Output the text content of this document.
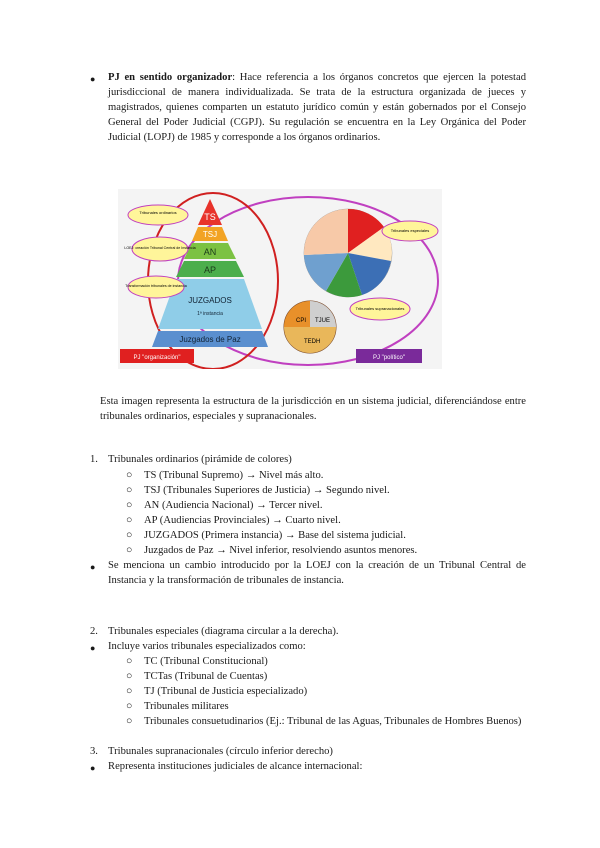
● PJ en sentido organizador: Hace referencia a los órganos concretos que ejercen la potestad jurisdiccional de manera individualizada. Se trata de la estructura organizada de jueces y magistrados, quienes comparten un estatuto jurídico común y están gobernados por el Consejo General del Poder Judicial (CGPJ). Su regulación se encuentra en la Ley Orgánica del Poder Judicial (LOPJ) de 1985 y corresponde a los órganos ordinarios.

TS
TSJ
AN
AP
JUZGADOS
1ª instancia
Juzgados de Paz
Tribunales ordinarios
LOEJ: creación Tribunal Central de Instancia
Transformación tribunales de instancia
Tribunales especiales
CPI TJUE
TEDH
Tribunales supranacionales
PJ "organización"	PJ "político"

Esta imagen representa la estructura de la jurisdicción en un sistema judicial, diferenciándose entre tribunales ordinarios, especiales y supranacionales.

1. Tribunales ordinarios (pirámide de colores)
○ TS (Tribunal Supremo) → Nivel más alto.
○ TSJ (Tribunales Superiores de Justicia) → Segundo nivel.
○ AN (Audiencia Nacional) → Tercer nivel.
○ AP (Audiencias Provinciales) → Cuarto nivel.
○ JUZGADOS (Primera instancia) → Base del sistema judicial.
○ Juzgados de Paz → Nivel inferior, resolviendo asuntos menores.
● Se menciona un cambio introducido por la LOEJ con la creación de un Tribunal Central de Instancia y la transformación de tribunales de instancia.

2. Tribunales especiales (diagrama circular a la derecha).
● Incluye varios tribunales especializados como:
○ TC (Tribunal Constitucional)
○ TCTas (Tribunal de Cuentas)
○ TJ (Tribunal de Justicia especializado)
○ Tribunales militares
○ Tribunales consuetudinarios (Ej.: Tribunal de las Aguas, Tribunales de Hombres Buenos)

3. Tribunales supranacionales (círculo inferior derecho)
● Representa instituciones judiciales de alcance internacional:
